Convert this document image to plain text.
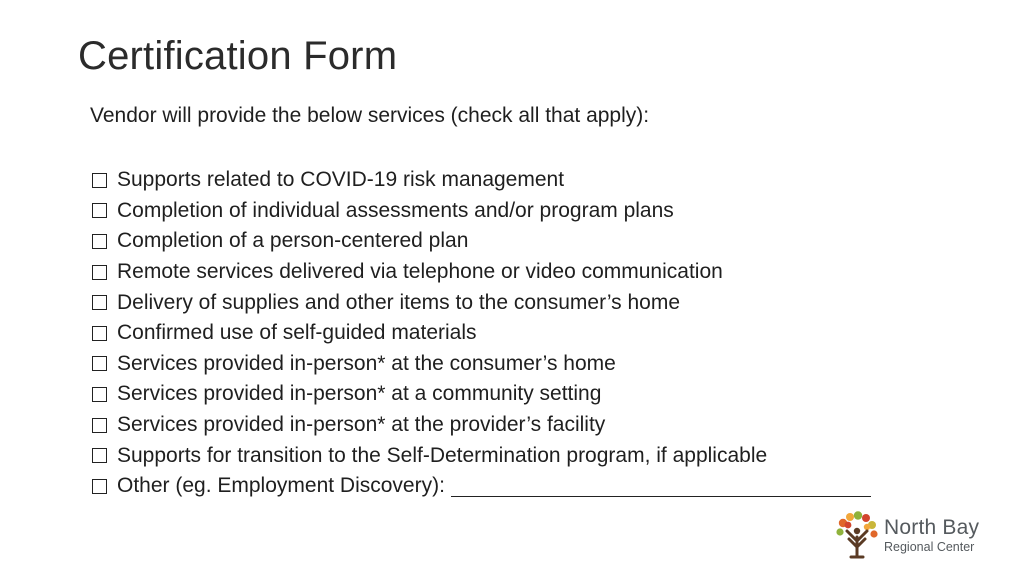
Certification Form

Vendor will provide the below services (check all that apply):

Supports related to COVID-19 risk management
Completion of individual assessments and/or program plans
Completion of a person-centered plan
Remote services delivered via telephone or video communication
Delivery of supplies and other items to the consumer’s home
Confirmed use of self-guided materials
Services provided in-person* at the consumer’s home
Services provided in-person* at a community setting
Services provided in-person* at the provider’s facility
Supports for transition to the Self-Determination program, if applicable
Other (eg. Employment Discovery):
North Bay
Regional Center
